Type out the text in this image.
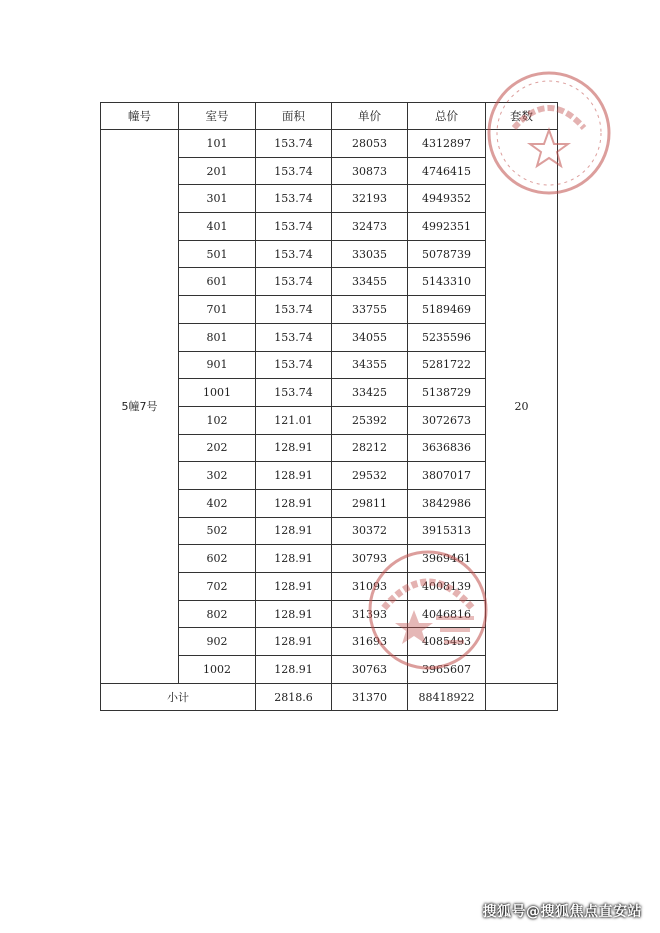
幢号	室号	面积	单价	总价	套数
5幢7号	101	153.74	28053	4312897	20
	201	153.74	30873	4746415	
	301	153.74	32193	4949352	
	401	153.74	32473	4992351	
	501	153.74	33035	5078739	
	601	153.74	33455	5143310	
	701	153.74	33755	5189469	
	801	153.74	34055	5235596	
	901	153.74	34355	5281722	
	1001	153.74	33425	5138729	
	102	121.01	25392	3072673	
	202	128.91	28212	3636836	
	302	128.91	29532	3807017	
	402	128.91	29811	3842986	
	502	128.91	30372	3915313	
	602	128.91	30793	3969461	
	702	128.91	31093	4008139	
	802	128.91	31393	4046816	
	902	128.91	31693	4085493	
	1002	128.91	30763	3965607	
小计		2818.6	31370	88418922	
搜狐号@搜狐焦点直安站
